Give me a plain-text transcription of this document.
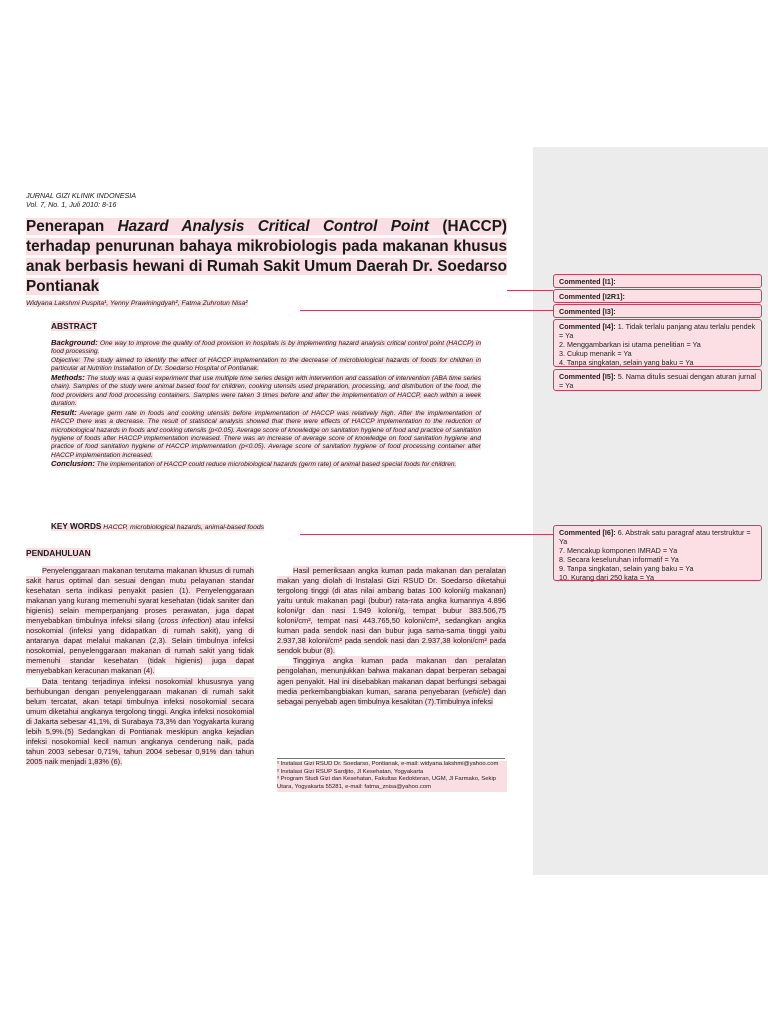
JURNAL GIZI KLINIK INDONESIA
Vol. 7, No. 1, Juli 2010: 8-16
Penerapan Hazard Analysis Critical Control Point (HACCP) terhadap penurunan bahaya mikrobiologis pada makanan khusus anak berbasis hewani di Rumah Sakit Umum Daerah Dr. Soedarso Pontianak
Widyana Lakshmi Puspita¹, Yenny Prawiningdyah², Fatma Zuhrotun Nisa²
ABSTRACT
Background: One way to improve the quality of food provision in hospitals is by implementing hazard analysis critical control point (HACCP) in food processing.
Objective: The study aimed to identify the effect of HACCP implementation to the decrease of microbiological hazards of foods for children in particular at Nutrition Installation of Dr. Soedarso Hospital of Pontianak.
Methods: The study was a quasi experiment that use multiple time series design with intervention and cassation of intervention (ABA time series chain). Samples of the study were animal based food for children, cooking utensils used preparation, processing, and distribution of the food, the food providers and food processing containers. Samples were taken 3 times before and after the implementation of HACCP, each within a week duration.
Result: Average germ rate in foods and cooking utensils before implementation of HACCP was relatively high. After the implementation of HACCP there was a decrease. The result of statistical analysis showed that there were effects of HACCP implementation to the reduction of microbiological hazards in foods and cooking utensils (p<0.05). Average score of knowledge on sanitation hygiene of food and practice of sanitation hygiene of foods after HACCP implementation increased. There was an increase of average score of knowledge on food sanitation hygiene and practice of food sanitation hygiene of HACCP implementation (p<0.05). Average score of sanitation hygiene of food processing container after HACCP implementation increased.
Conclusion: The implementation of HACCP could reduce microbiological hazards (germ rate) of animal based special foods for children.
KEY WORDS HACCP, microbiological hazards, animal-based foods
PENDAHULUAN

Penyelenggaraan makanan terutama makanan khusus di rumah sakit harus optimal dan sesuai dengan mutu pelayanan standar kesehatan serta indikasi penyakit pasien (1). Penyelenggaraan makanan yang kurang memenuhi syarat kesehatan (tidak saniter dan higienis) selain memperpanjang proses perawatan, juga dapat menyebabkan timbulnya infeksi silang (cross infection) atau infeksi nosokomial (infeksi yang didapatkan di rumah sakit), yang di antaranya dapat melalui makanan (2,3). Selain timbulnya infeksi nosokomial, penyelenggaraan makanan di rumah sakit yang tidak memenuhi standar kesehatan (tidak higienis) juga dapat menyebabkan keracunan makanan (4).

Data tentang terjadinya infeksi nosokomial khususnya yang berhubungan dengan penyelenggaraan makanan di rumah sakit belum tercatat, akan tetapi timbulnya infeksi nosokomial secara umum diketahui angkanya tergolong tinggi. Angka infeksi nosokomial di Jakarta sebesar 41,1%, di Surabaya 73,3% dan Yogyakarta kurang lebih 5,9%.(5) Sedangkan di Pontianak meskipun angka kejadian infeksi nosokomial kecil namun angkanya cenderung naik, pada tahun 2003 sebesar 0,71%, tahun 2004 sebesar 0,91% dan tahun 2005 naik menjadi 1,83% (6).

Hasil pemeriksaan angka kuman pada makanan dan peralatan makan yang diolah di Instalasi Gizi RSUD Dr. Soedarso diketahui tergolong tinggi (di atas nilai ambang batas 100 koloni/g makanan) yaitu untuk makanan pagi (bubur) rata-rata angka kumannya 4.896 koloni/gr dan nasi 1.949 koloni/g, tempat bubur 383.506,75 koloni/cm², tempat nasi 443.765,50 koloni/cm², sedangkan angka kuman pada sendok nasi dan bubur juga sama-sama tinggi yaitu 2.937,38 koloni/cm² pada sendok nasi dan 2.937,38 koloni/cm² pada sendok bubur (8).

Tingginya angka kuman pada makanan dan peralatan pengolahan, menunjukkan bahwa makanan dapat berperan sebagai agen penyakit. Hal ini disebabkan makanan dapat berfungsi sebagai media perkembangbiakan kuman, sarana penyebaran (vehicle) dan sebagai penyebab agen timbulnya kesakitan (7).Timbulnya infeksi

¹ Instalasi Gizi RSUD Dr. Soedarso, Pontianak, e-mail: widyana.lakshmi@yahoo.com
² Instalasi Gizi RSUP Sardjito, Jl Kesehatan, Yogyakarta
³ Program Studi Gizi dan Kesehatan, Fakultas Kedokteran, UGM, Jl Farmako, Sekip Utara, Yogyakarta 55281, e-mail: fatma_znisa@yahoo.com
Commented [I1]:
Commented [I2R1]:
Commented [I3]:
Commented [I4]: 1. Tidak terlalu panjang atau terlalu pendek = Ya
2. Menggambarkan isi utama penelitian = Ya
3. Cukup menarik = Ya
4. Tanpa singkatan, selain yang baku = Ya
Commented [I5]: 5. Nama ditulis sesuai dengan aturan jurnal = Ya
Commented [I6]: 6. Abstrak satu paragraf atau terstruktur = Ya
7. Mencakup komponen IMRAD = Ya
8. Secara keseluruhan informatif = Ya
9. Tanpa singkatan, selain yang baku = Ya
10. Kurang dari 250 kata = Ya
